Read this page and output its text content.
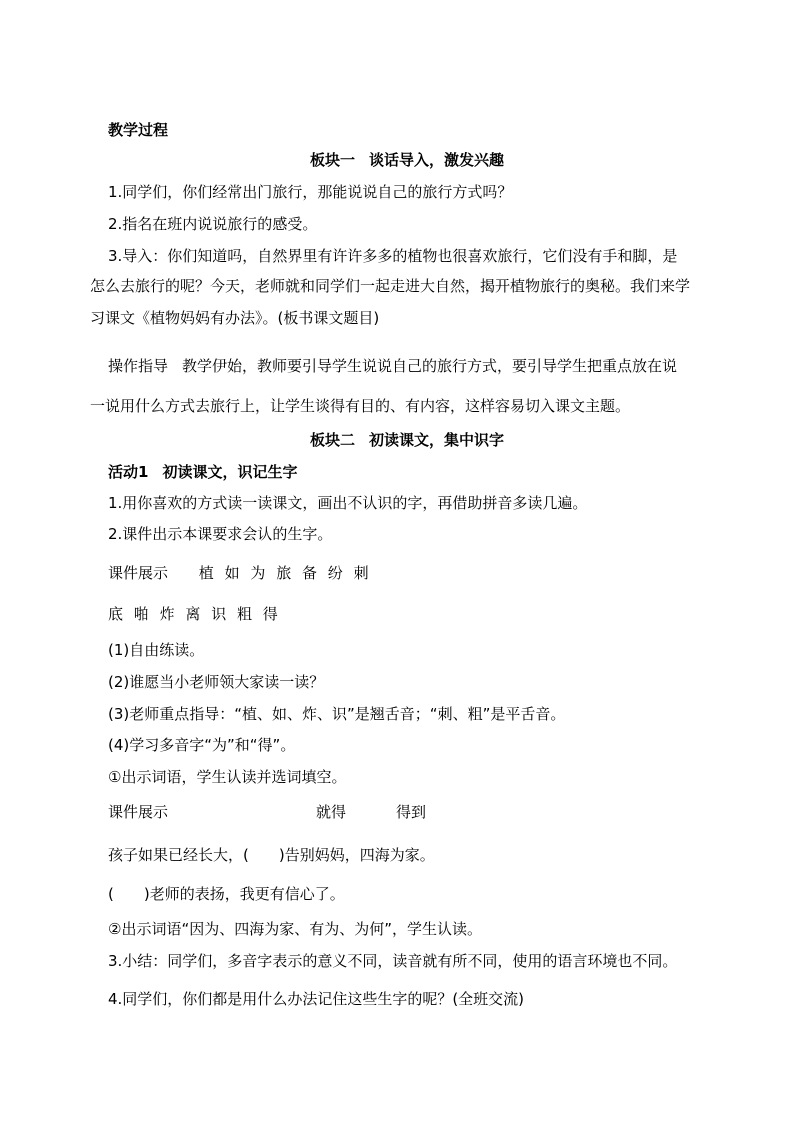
教学过程
板块一 谈话导入，激发兴趣
1.同学们，你们经常出门旅行，那能说说自己的旅行方式吗？
2.指名在班内说说旅行的感受。
3.导入：你们知道吗，自然界里有许许多多的植物也很喜欢旅行，它们没有手和脚，是
怎么去旅行的呢？今天，老师就和同学们一起走进大自然，揭开植物旅行的奥秘。我们来学
习课文《植物妈妈有办法》。(板书课文题目)
操作指导 教学伊始，教师要引导学生说说自己的旅行方式，要引导学生把重点放在说
一说用什么方式去旅行上，让学生谈得有目的、有内容，这样容易切入课文主题。
板块二 初读课文，集中识字
活动1 初读课文，识记生字
1.用你喜欢的方式读一读课文，画出不认识的字，再借助拼音多读几遍。
2.课件出示本课要求会认的生字。
课件展示 植 如 为 旅 备 纷 刺
底 啪 炸 离 识 粗 得
(1)自由练读。
(2)谁愿当小老师领大家读一读？
(3)老师重点指导：“植、如、炸、识”是翘舌音；“刺、粗”是平舌音。
(4)学习多音字“为”和“得”。
①出示词语，学生认读并选词填空。
课件展示	就得	得到
孩子如果已经长大，(　　)告别妈妈，四海为家。
(　　)老师的表扬，我更有信心了。
②出示词语“因为、四海为家、有为、为何”，学生认读。
3.小结：同学们，多音字表示的意义不同，读音就有所不同，使用的语言环境也不同。
4.同学们，你们都是用什么办法记住这些生字的呢？(全班交流)
